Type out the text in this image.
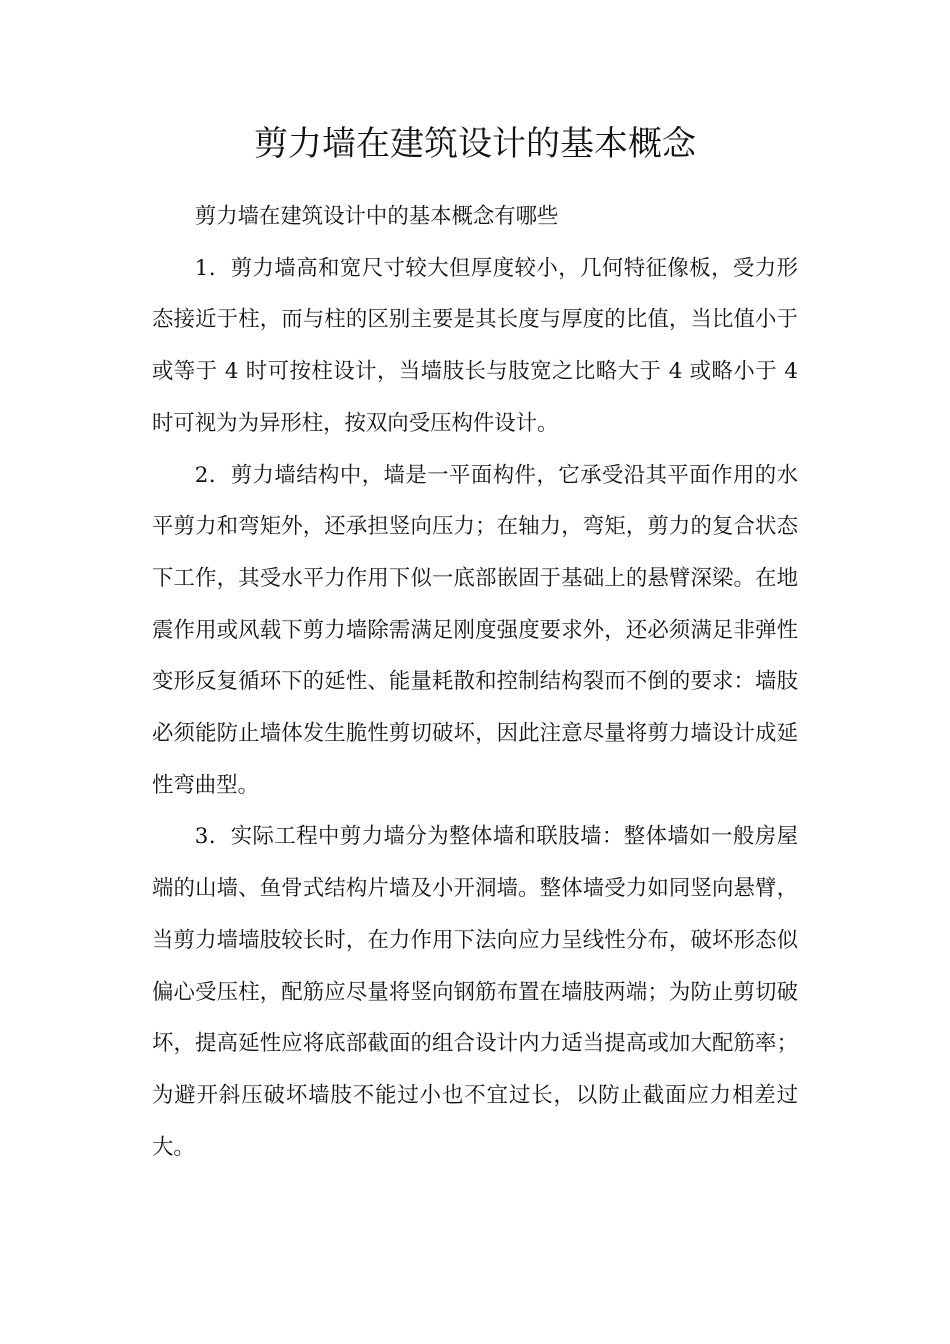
剪力墙在建筑设计的基本概念

剪力墙在建筑设计中的基本概念有哪些

1．剪力墙高和宽尺寸较大但厚度较小，几何特征像板，受力形态接近于柱，而与柱的区别主要是其长度与厚度的比值，当比值小于或等于 4 时可按柱设计，当墙肢长与肢宽之比略大于 4 或略小于 4 时可视为为异形柱，按双向受压构件设计。

2．剪力墙结构中，墙是一平面构件，它承受沿其平面作用的水平剪力和弯矩外，还承担竖向压力；在轴力，弯矩，剪力的复合状态下工作，其受水平力作用下似一底部嵌固于基础上的悬臂深梁。在地震作用或风载下剪力墙除需满足刚度强度要求外，还必须满足非弹性变形反复循环下的延性、能量耗散和控制结构裂而不倒的要求：墙肢必须能防止墙体发生脆性剪切破坏，因此注意尽量将剪力墙设计成延性弯曲型。

3．实际工程中剪力墙分为整体墙和联肢墙：整体墙如一般房屋端的山墙、鱼骨式结构片墙及小开洞墙。整体墙受力如同竖向悬臂，当剪力墙墙肢较长时，在力作用下法向应力呈线性分布，破坏形态似偏心受压柱，配筋应尽量将竖向钢筋布置在墙肢两端；为防止剪切破坏，提高延性应将底部截面的组合设计内力适当提高或加大配筋率；为避开斜压破坏墙肢不能过小也不宜过长，以防止截面应力相差过大。
